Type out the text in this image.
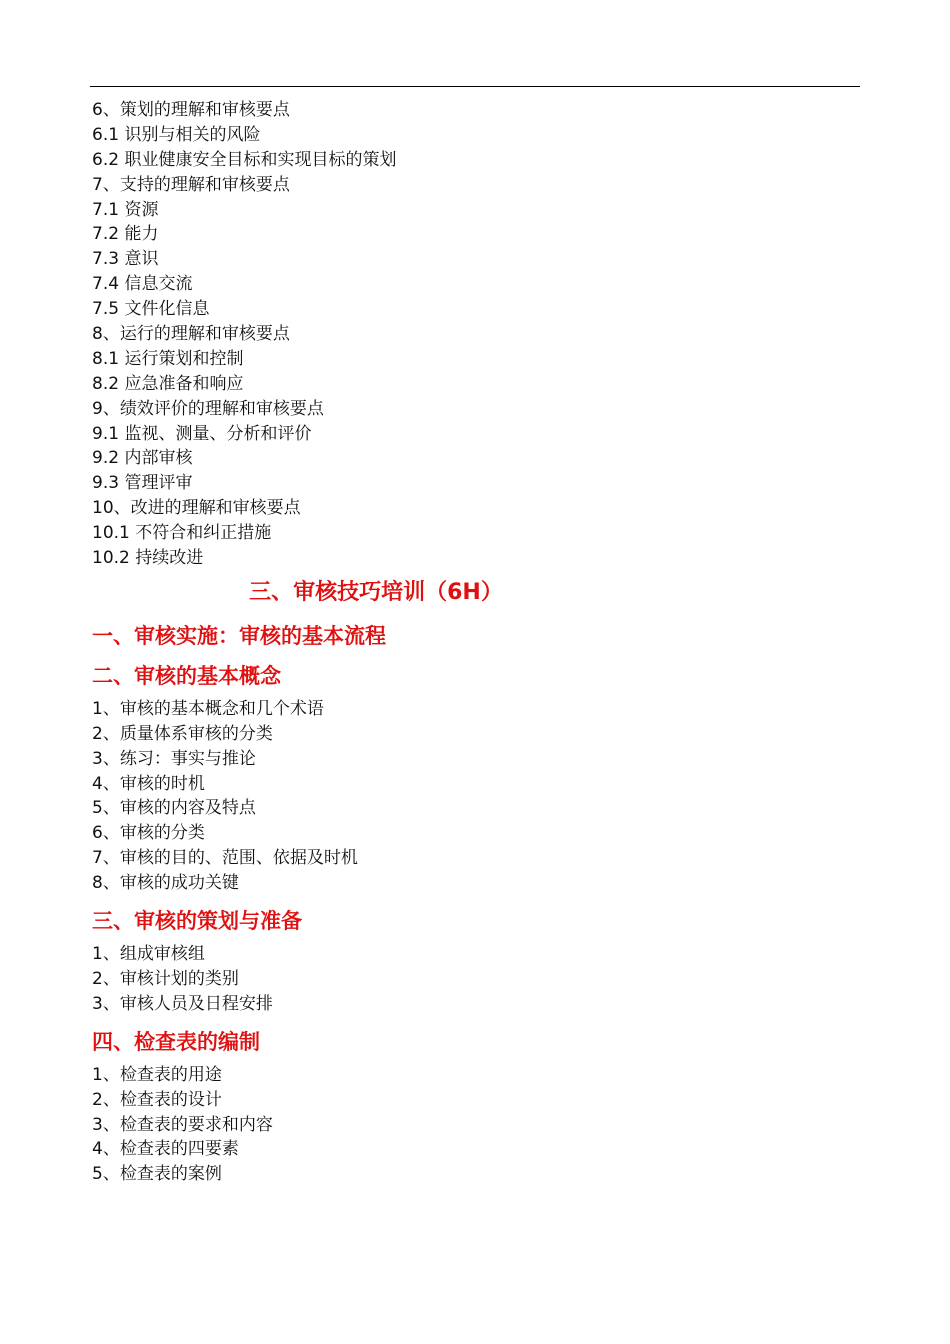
6、策划的理解和审核要点
6.1 识别与相关的风险
6.2 职业健康安全目标和实现目标的策划
7、支持的理解和审核要点
7.1 资源
7.2 能力
7.3 意识
7.4 信息交流
7.5 文件化信息
8、运行的理解和审核要点
8.1 运行策划和控制
8.2 应急准备和响应
9、绩效评价的理解和审核要点
9.1 监视、测量、分析和评价
9.2 内部审核
9.3 管理评审
10、改进的理解和审核要点
10.1 不符合和纠正措施
10.2 持续改进
三、审核技巧培训（6H）
一、审核实施：审核的基本流程
二、审核的基本概念
1、审核的基本概念和几个术语
2、质量体系审核的分类
3、练习：事实与推论
4、审核的时机
5、审核的内容及特点
6、审核的分类
7、审核的目的、范围、依据及时机
8、审核的成功关键
三、审核的策划与准备
1、组成审核组
2、审核计划的类别
3、审核人员及日程安排
四、检查表的编制
1、检查表的用途
2、检查表的设计
3、检查表的要求和内容
4、检查表的四要素
5、检查表的案例
